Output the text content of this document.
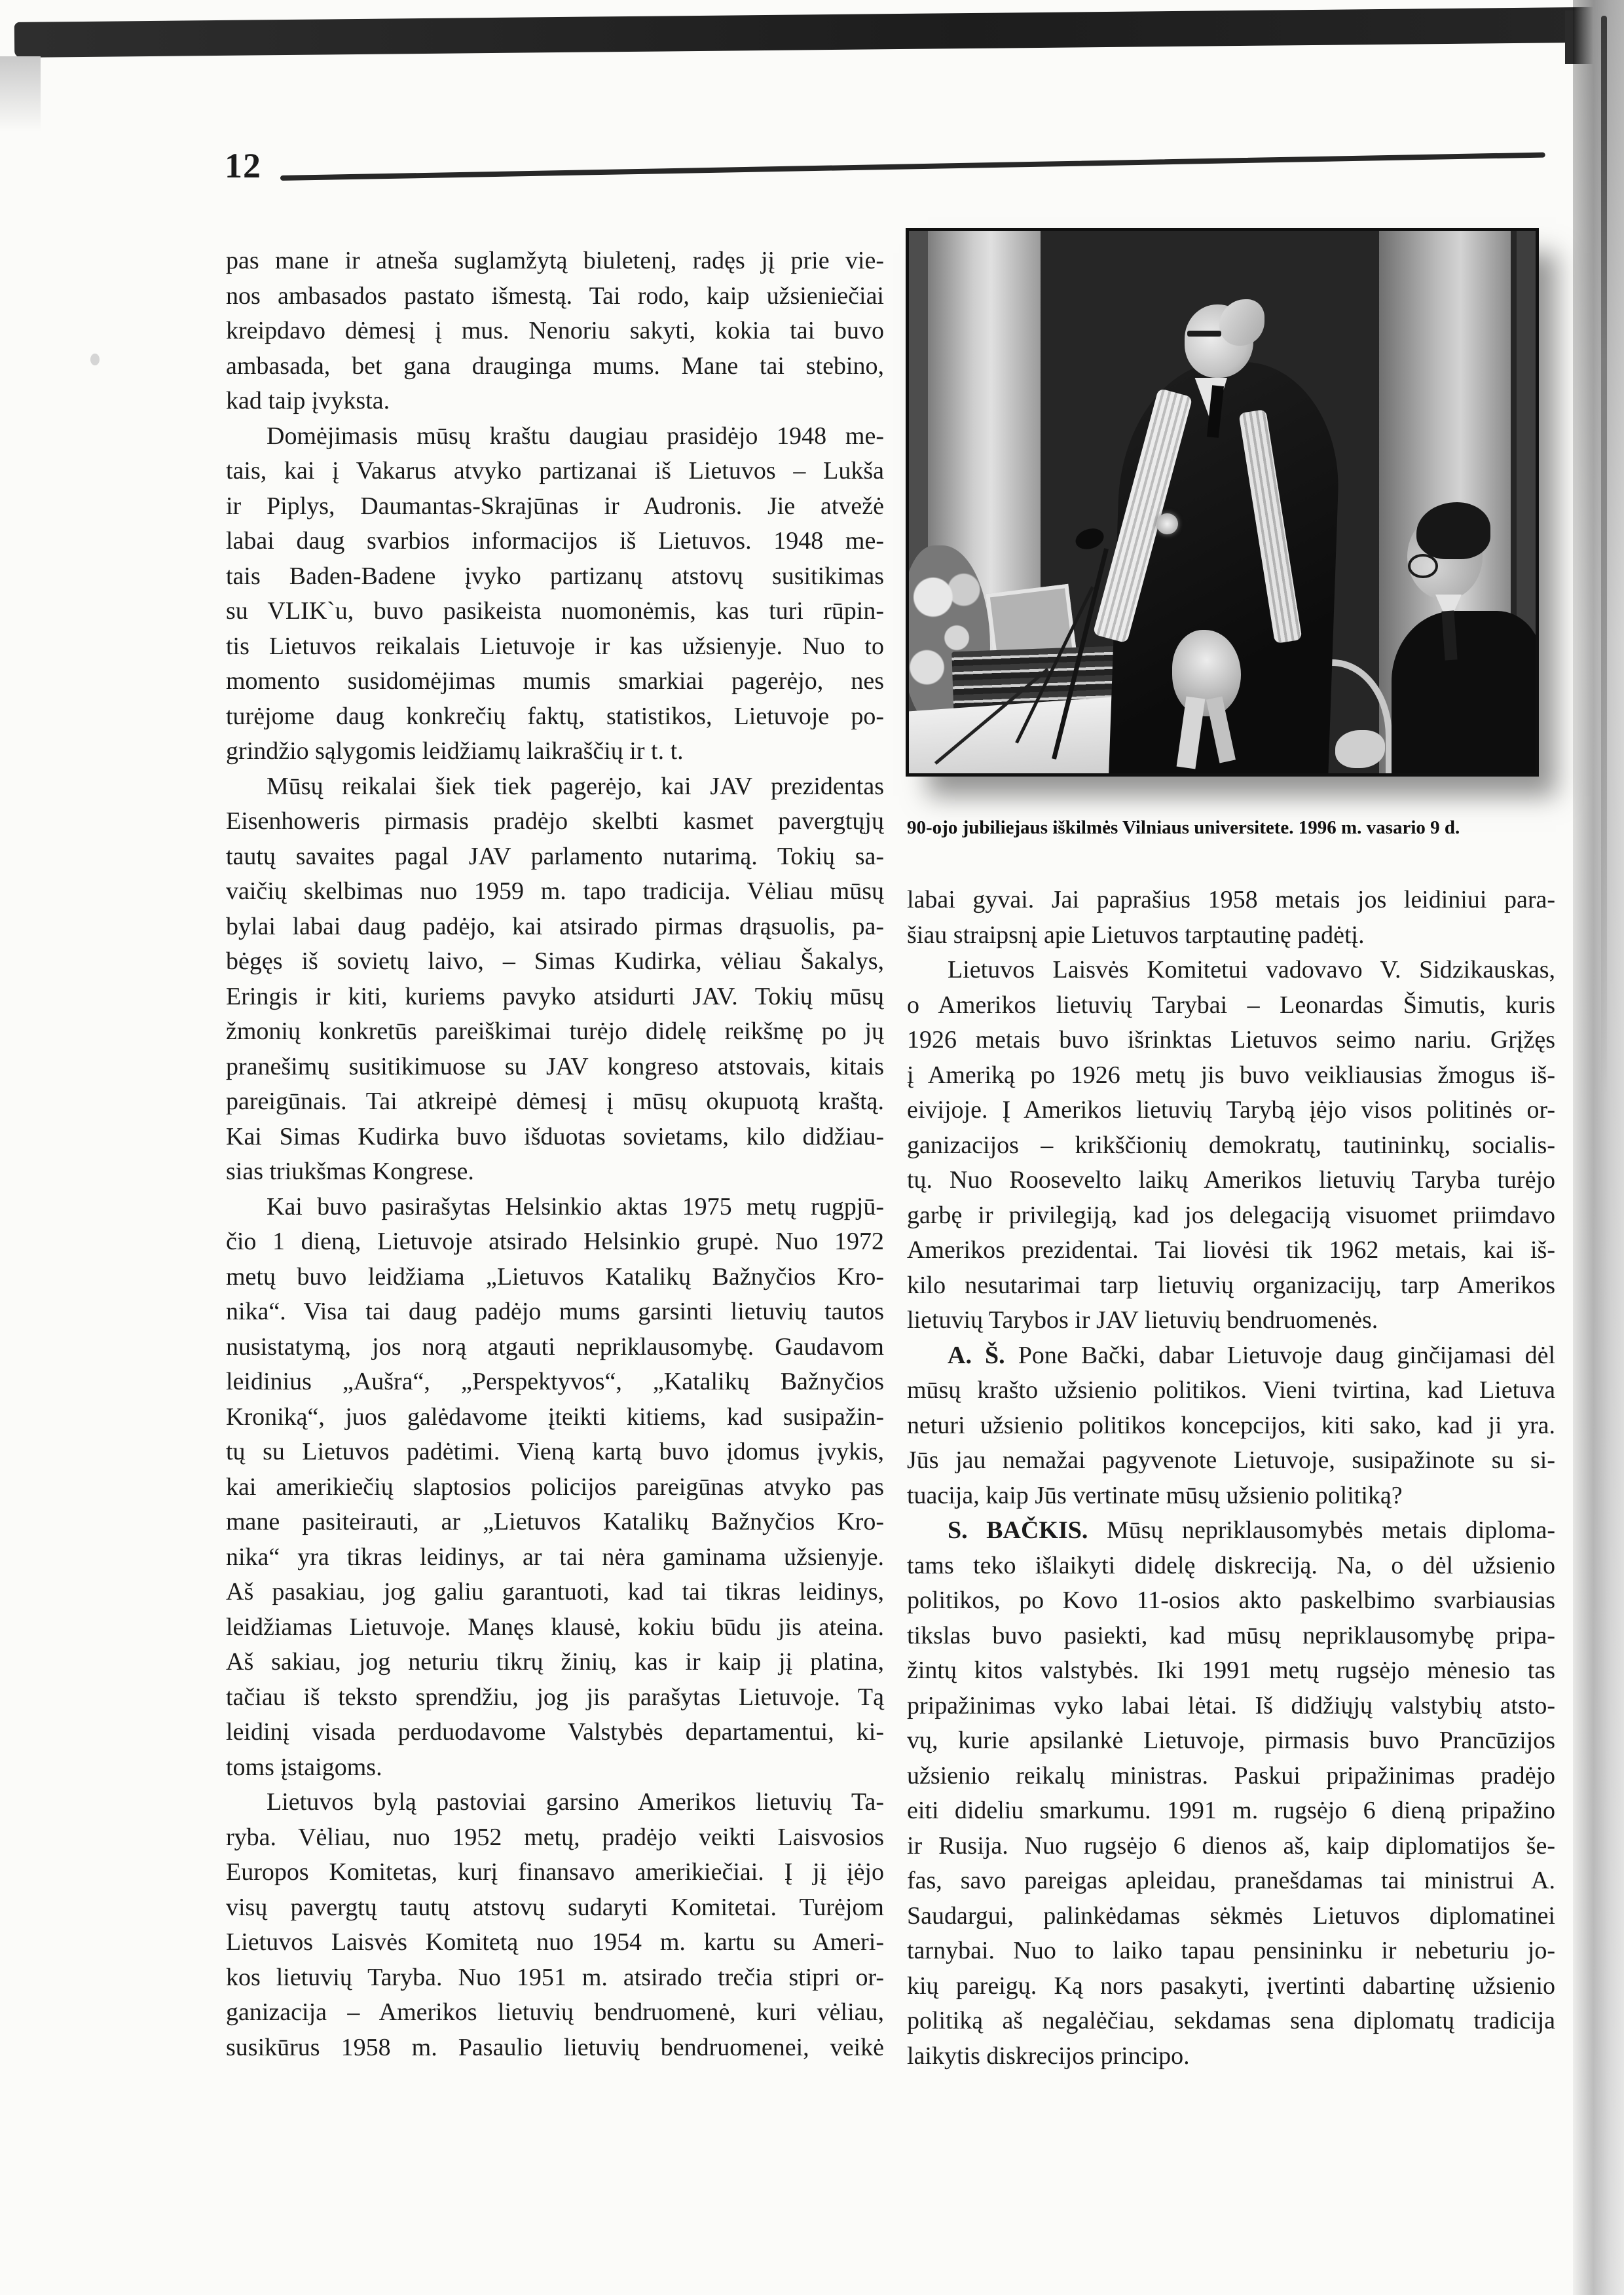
12
pas mane ir atneša suglamžytą biuletenį, radęs jį prie vie-
nos ambasados pastato išmestą. Tai rodo, kaip užsieniečiai
kreipdavo dėmesį į mus. Nenoriu sakyti, kokia tai buvo
ambasada, bet gana drauginga mums. Mane tai stebino,
kad taip įvyksta.
Domėjimasis mūsų kraštu daugiau prasidėjo 1948 me-
tais, kai į Vakarus atvyko partizanai iš Lietuvos – Lukša
ir Piplys, Daumantas-Skrajūnas ir Audronis. Jie atvežė
labai daug svarbios informacijos iš Lietuvos. 1948 me-
tais Baden-Badene įvyko partizanų atstovų susitikimas
su VLIK`u, buvo pasikeista nuomonėmis, kas turi rūpin-
tis Lietuvos reikalais Lietuvoje ir kas užsienyje. Nuo to
momento susidomėjimas mumis smarkiai pagerėjo, nes
turėjome daug konkrečių faktų, statistikos, Lietuvoje po-
grindžio sąlygomis leidžiamų laikraščių ir t. t.
Mūsų reikalai šiek tiek pagerėjo, kai JAV prezidentas
Eisenhoweris pirmasis pradėjo skelbti kasmet pavergtųjų
tautų savaites pagal JAV parlamento nutarimą. Tokių sa-
vaičių skelbimas nuo 1959 m. tapo tradicija. Vėliau mūsų
bylai labai daug padėjo, kai atsirado pirmas drąsuolis, pa-
bėgęs iš sovietų laivo, – Simas Kudirka, vėliau Šakalys,
Eringis ir kiti, kuriems pavyko atsidurti JAV. Tokių mūsų
žmonių konkretūs pareiškimai turėjo didelę reikšmę po jų
pranešimų susitikimuose su JAV kongreso atstovais, kitais
pareigūnais. Tai atkreipė dėmesį į mūsų okupuotą kraštą.
Kai Simas Kudirka buvo išduotas sovietams, kilo didžiau-
sias triukšmas Kongrese.
Kai buvo pasirašytas Helsinkio aktas 1975 metų rugpjū-
čio 1 dieną, Lietuvoje atsirado Helsinkio grupė. Nuo 1972
metų buvo leidžiama „Lietuvos Katalikų Bažnyčios Kro-
nika“. Visa tai daug padėjo mums garsinti lietuvių tautos
nusistatymą, jos norą atgauti nepriklausomybę. Gaudavom
leidinius „Aušra“, „Perspektyvos“, „Katalikų Bažnyčios
Kroniką“, juos galėdavome įteikti kitiems, kad susipažin-
tų su Lietuvos padėtimi. Vieną kartą buvo įdomus įvykis,
kai amerikiečių slaptosios policijos pareigūnas atvyko pas
mane pasiteirauti, ar „Lietuvos Katalikų Bažnyčios Kro-
nika“ yra tikras leidinys, ar tai nėra gaminama užsienyje.
Aš pasakiau, jog galiu garantuoti, kad tai tikras leidinys,
leidžiamas Lietuvoje. Manęs klausė, kokiu būdu jis ateina.
Aš sakiau, jog neturiu tikrų žinių, kas ir kaip jį platina,
tačiau iš teksto sprendžiu, jog jis parašytas Lietuvoje. Tą
leidinį visada perduodavome Valstybės departamentui, ki-
toms įstaigoms.
Lietuvos bylą pastoviai garsino Amerikos lietuvių Ta-
ryba. Vėliau, nuo 1952 metų, pradėjo veikti Laisvosios
Europos Komitetas, kurį finansavo amerikiečiai. Į jį įėjo
visų pavergtų tautų atstovų sudaryti Komitetai. Turėjom
Lietuvos Laisvės Komitetą nuo 1954 m. kartu su Ameri-
kos lietuvių Taryba. Nuo 1951 m. atsirado trečia stipri or-
ganizacija – Amerikos lietuvių bendruomenė, kuri vėliau,
susikūrus 1958 m. Pasaulio lietuvių bendruomenei, veikė
90-ojo jubiliejaus iškilmės Vilniaus universitete. 1996 m. vasario 9 d.
labai gyvai. Jai paprašius 1958 metais jos leidiniui para-
šiau straipsnį apie Lietuvos tarptautinę padėtį.
Lietuvos Laisvės Komitetui vadovavo V. Sidzikauskas,
o Amerikos lietuvių Tarybai – Leonardas Šimutis, kuris
1926 metais buvo išrinktas Lietuvos seimo nariu. Grįžęs
į Ameriką po 1926 metų jis buvo veikliausias žmogus iš-
eivijoje. Į Amerikos lietuvių Tarybą įėjo visos politinės or-
ganizacijos – krikščionių demokratų, tautininkų, socialis-
tų. Nuo Roosevelto laikų Amerikos lietuvių Taryba turėjo
garbę ir privilegiją, kad jos delegaciją visuomet priimdavo
Amerikos prezidentai. Tai liovėsi tik 1962 metais, kai iš-
kilo nesutarimai tarp lietuvių organizacijų, tarp Amerikos
lietuvių Tarybos ir JAV lietuvių bendruomenės.
A. Š. Pone Bački, dabar Lietuvoje daug ginčijamasi dėl
mūsų krašto užsienio politikos. Vieni tvirtina, kad Lietuva
neturi užsienio politikos koncepcijos, kiti sako, kad ji yra.
Jūs jau nemažai pagyvenote Lietuvoje, susipažinote su si-
tuacija, kaip Jūs vertinate mūsų užsienio politiką?
S. BAČKIS. Mūsų nepriklausomybės metais diploma-
tams teko išlaikyti didelę diskreciją. Na, o dėl užsienio
politikos, po Kovo 11-osios akto paskelbimo svarbiausias
tikslas buvo pasiekti, kad mūsų nepriklausomybę pripa-
žintų kitos valstybės. Iki 1991 metų rugsėjo mėnesio tas
pripažinimas vyko labai lėtai. Iš didžiųjų valstybių atsto-
vų, kurie apsilankė Lietuvoje, pirmasis buvo Prancūzijos
užsienio reikalų ministras. Paskui pripažinimas pradėjo
eiti dideliu smarkumu. 1991 m. rugsėjo 6 dieną pripažino
ir Rusija. Nuo rugsėjo 6 dienos aš, kaip diplomatijos še-
fas, savo pareigas apleidau, pranešdamas tai ministrui A.
Saudargui, palinkėdamas sėkmės Lietuvos diplomatinei
tarnybai. Nuo to laiko tapau pensininku ir nebeturiu jo-
kių pareigų. Ką nors pasakyti, įvertinti dabartinę užsienio
politiką aš negalėčiau, sekdamas sena diplomatų tradicija
laikytis diskrecijos principo.
